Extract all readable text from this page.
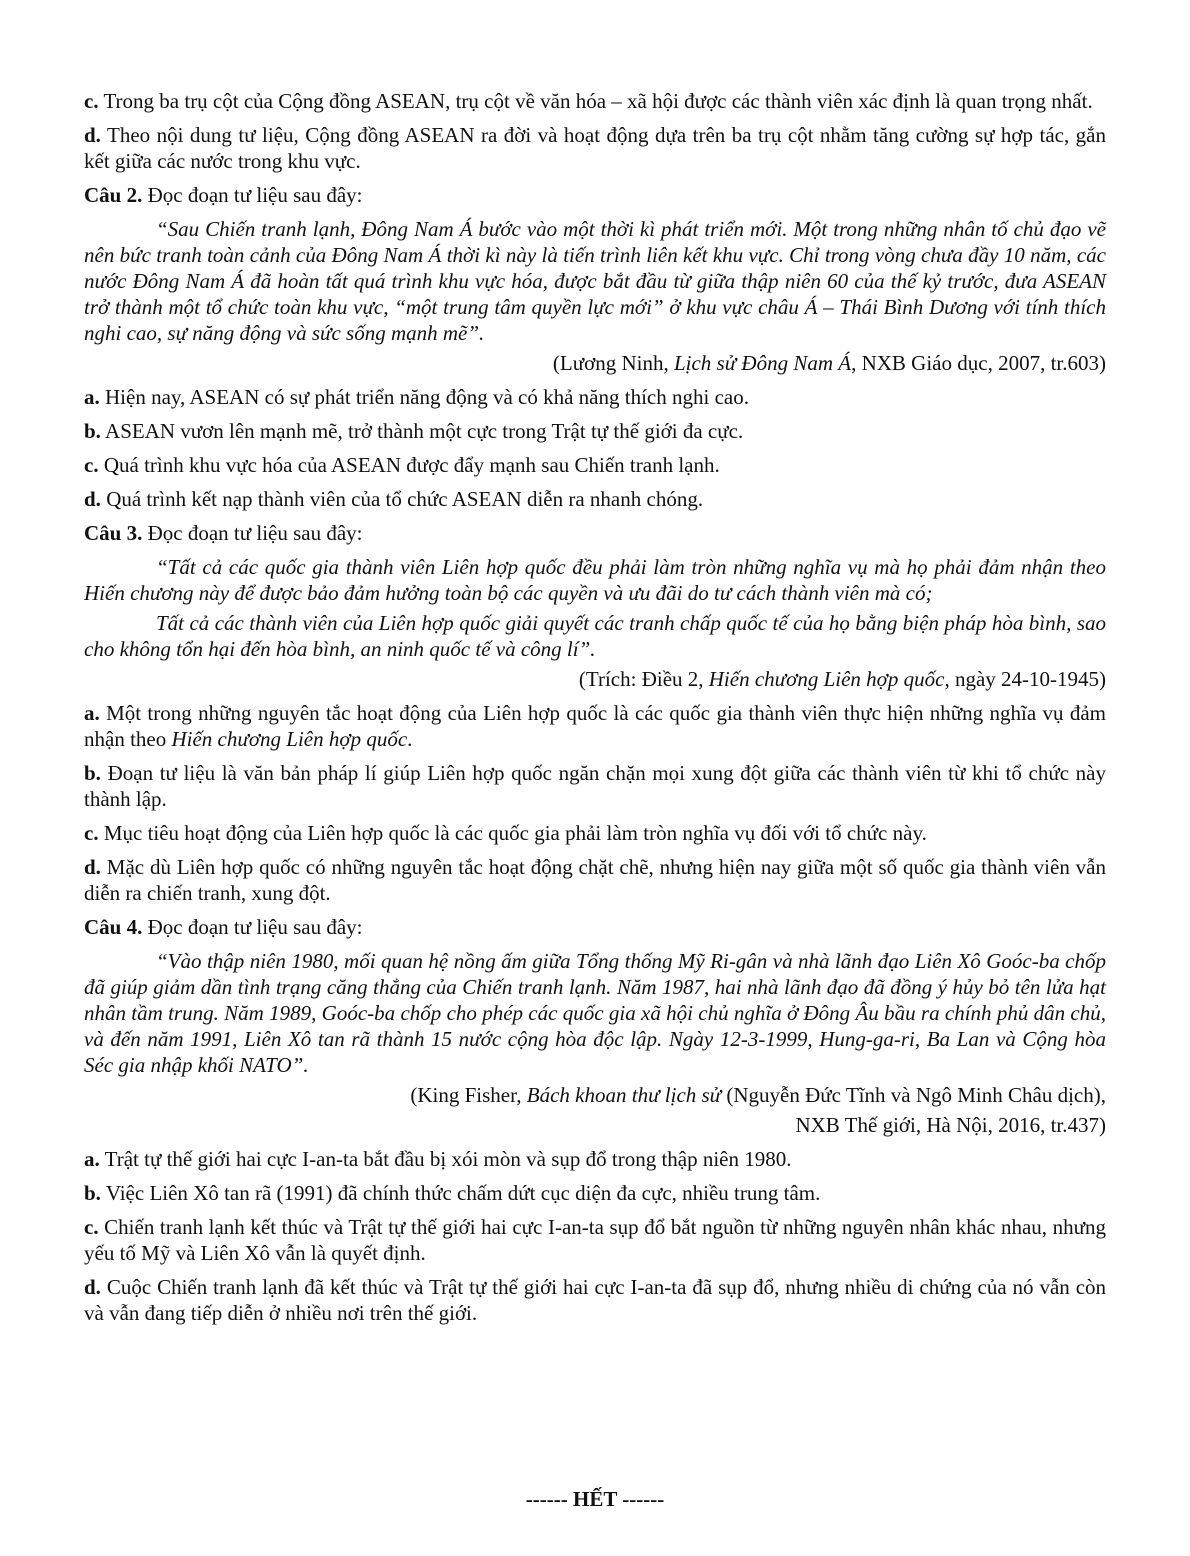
c. Trong ba trụ cột của Cộng đồng ASEAN, trụ cột về văn hóa – xã hội được các thành viên xác định là quan trọng nhất.

d. Theo nội dung tư liệu, Cộng đồng ASEAN ra đời và hoạt động dựa trên ba trụ cột nhằm tăng cường sự hợp tác, gắn kết giữa các nước trong khu vực.

Câu 2. Đọc đoạn tư liệu sau đây:

“Sau Chiến tranh lạnh, Đông Nam Á bước vào một thời kì phát triển mới. Một trong những nhân tố chủ đạo vẽ nên bức tranh toàn cảnh của Đông Nam Á thời kì này là tiến trình liên kết khu vực. Chỉ trong vòng chưa đầy 10 năm, các nước Đông Nam Á đã hoàn tất quá trình khu vực hóa, được bắt đầu từ giữa thập niên 60 của thế kỷ trước, đưa ASEAN trở thành một tổ chức toàn khu vực, “một trung tâm quyền lực mới” ở khu vực châu Á – Thái Bình Dương với tính thích nghi cao, sự năng động và sức sống mạnh mẽ”.

(Lương Ninh, Lịch sử Đông Nam Á, NXB Giáo dục, 2007, tr.603)

a. Hiện nay, ASEAN có sự phát triển năng động và có khả năng thích nghi cao.

b. ASEAN vươn lên mạnh mẽ, trở thành một cực trong Trật tự thế giới đa cực.

c. Quá trình khu vực hóa của ASEAN được đẩy mạnh sau Chiến tranh lạnh.

d. Quá trình kết nạp thành viên của tổ chức ASEAN diễn ra nhanh chóng.

Câu 3. Đọc đoạn tư liệu sau đây:

“Tất cả các quốc gia thành viên Liên hợp quốc đều phải làm tròn những nghĩa vụ mà họ phải đảm nhận theo Hiến chương này để được bảo đảm hưởng toàn bộ các quyền và ưu đãi do tư cách thành viên mà có;

Tất cả các thành viên của Liên hợp quốc giải quyết các tranh chấp quốc tế của họ bằng biện pháp hòa bình, sao cho không tổn hại đến hòa bình, an ninh quốc tế và công lí”.

(Trích: Điều 2, Hiến chương Liên hợp quốc, ngày 24-10-1945)

a. Một trong những nguyên tắc hoạt động của Liên hợp quốc là các quốc gia thành viên thực hiện những nghĩa vụ đảm nhận theo Hiến chương Liên hợp quốc.

b. Đoạn tư liệu là văn bản pháp lí giúp Liên hợp quốc ngăn chặn mọi xung đột giữa các thành viên từ khi tổ chức này thành lập.

c. Mục tiêu hoạt động của Liên hợp quốc là các quốc gia phải làm tròn nghĩa vụ đối với tổ chức này.

d. Mặc dù Liên hợp quốc có những nguyên tắc hoạt động chặt chẽ, nhưng hiện nay giữa một số quốc gia thành viên vẫn diễn ra chiến tranh, xung đột.

Câu 4. Đọc đoạn tư liệu sau đây:

“Vào thập niên 1980, mối quan hệ nồng ấm giữa Tổng thống Mỹ Ri-gân và nhà lãnh đạo Liên Xô Goóc-ba chốp đã giúp giảm dần tình trạng căng thẳng của Chiến tranh lạnh. Năm 1987, hai nhà lãnh đạo đã đồng ý hủy bỏ tên lửa hạt nhân tầm trung. Năm 1989, Goóc-ba chốp cho phép các quốc gia xã hội chủ nghĩa ở Đông Âu bầu ra chính phủ dân chủ, và đến năm 1991, Liên Xô tan rã thành 15 nước cộng hòa độc lập. Ngày 12-3-1999, Hung-ga-ri, Ba Lan và Cộng hòa Séc gia nhập khối NATO”.

(King Fisher, Bách khoan thư lịch sử (Nguyễn Đức Tĩnh và Ngô Minh Châu dịch),

NXB Thế giới, Hà Nội, 2016, tr.437)

a. Trật tự thế giới hai cực I-an-ta bắt đầu bị xói mòn và sụp đổ trong thập niên 1980.

b. Việc Liên Xô tan rã (1991) đã chính thức chấm dứt cục diện đa cực, nhiều trung tâm.

c. Chiến tranh lạnh kết thúc và Trật tự thế giới hai cực I-an-ta sụp đổ bắt nguồn từ những nguyên nhân khác nhau, nhưng yếu tố Mỹ và Liên Xô vẫn là quyết định.

d. Cuộc Chiến tranh lạnh đã kết thúc và Trật tự thế giới hai cực I-an-ta đã sụp đổ, nhưng nhiều di chứng của nó vẫn còn và vẫn đang tiếp diễn ở nhiều nơi trên thế giới.

------ HẾT ------
